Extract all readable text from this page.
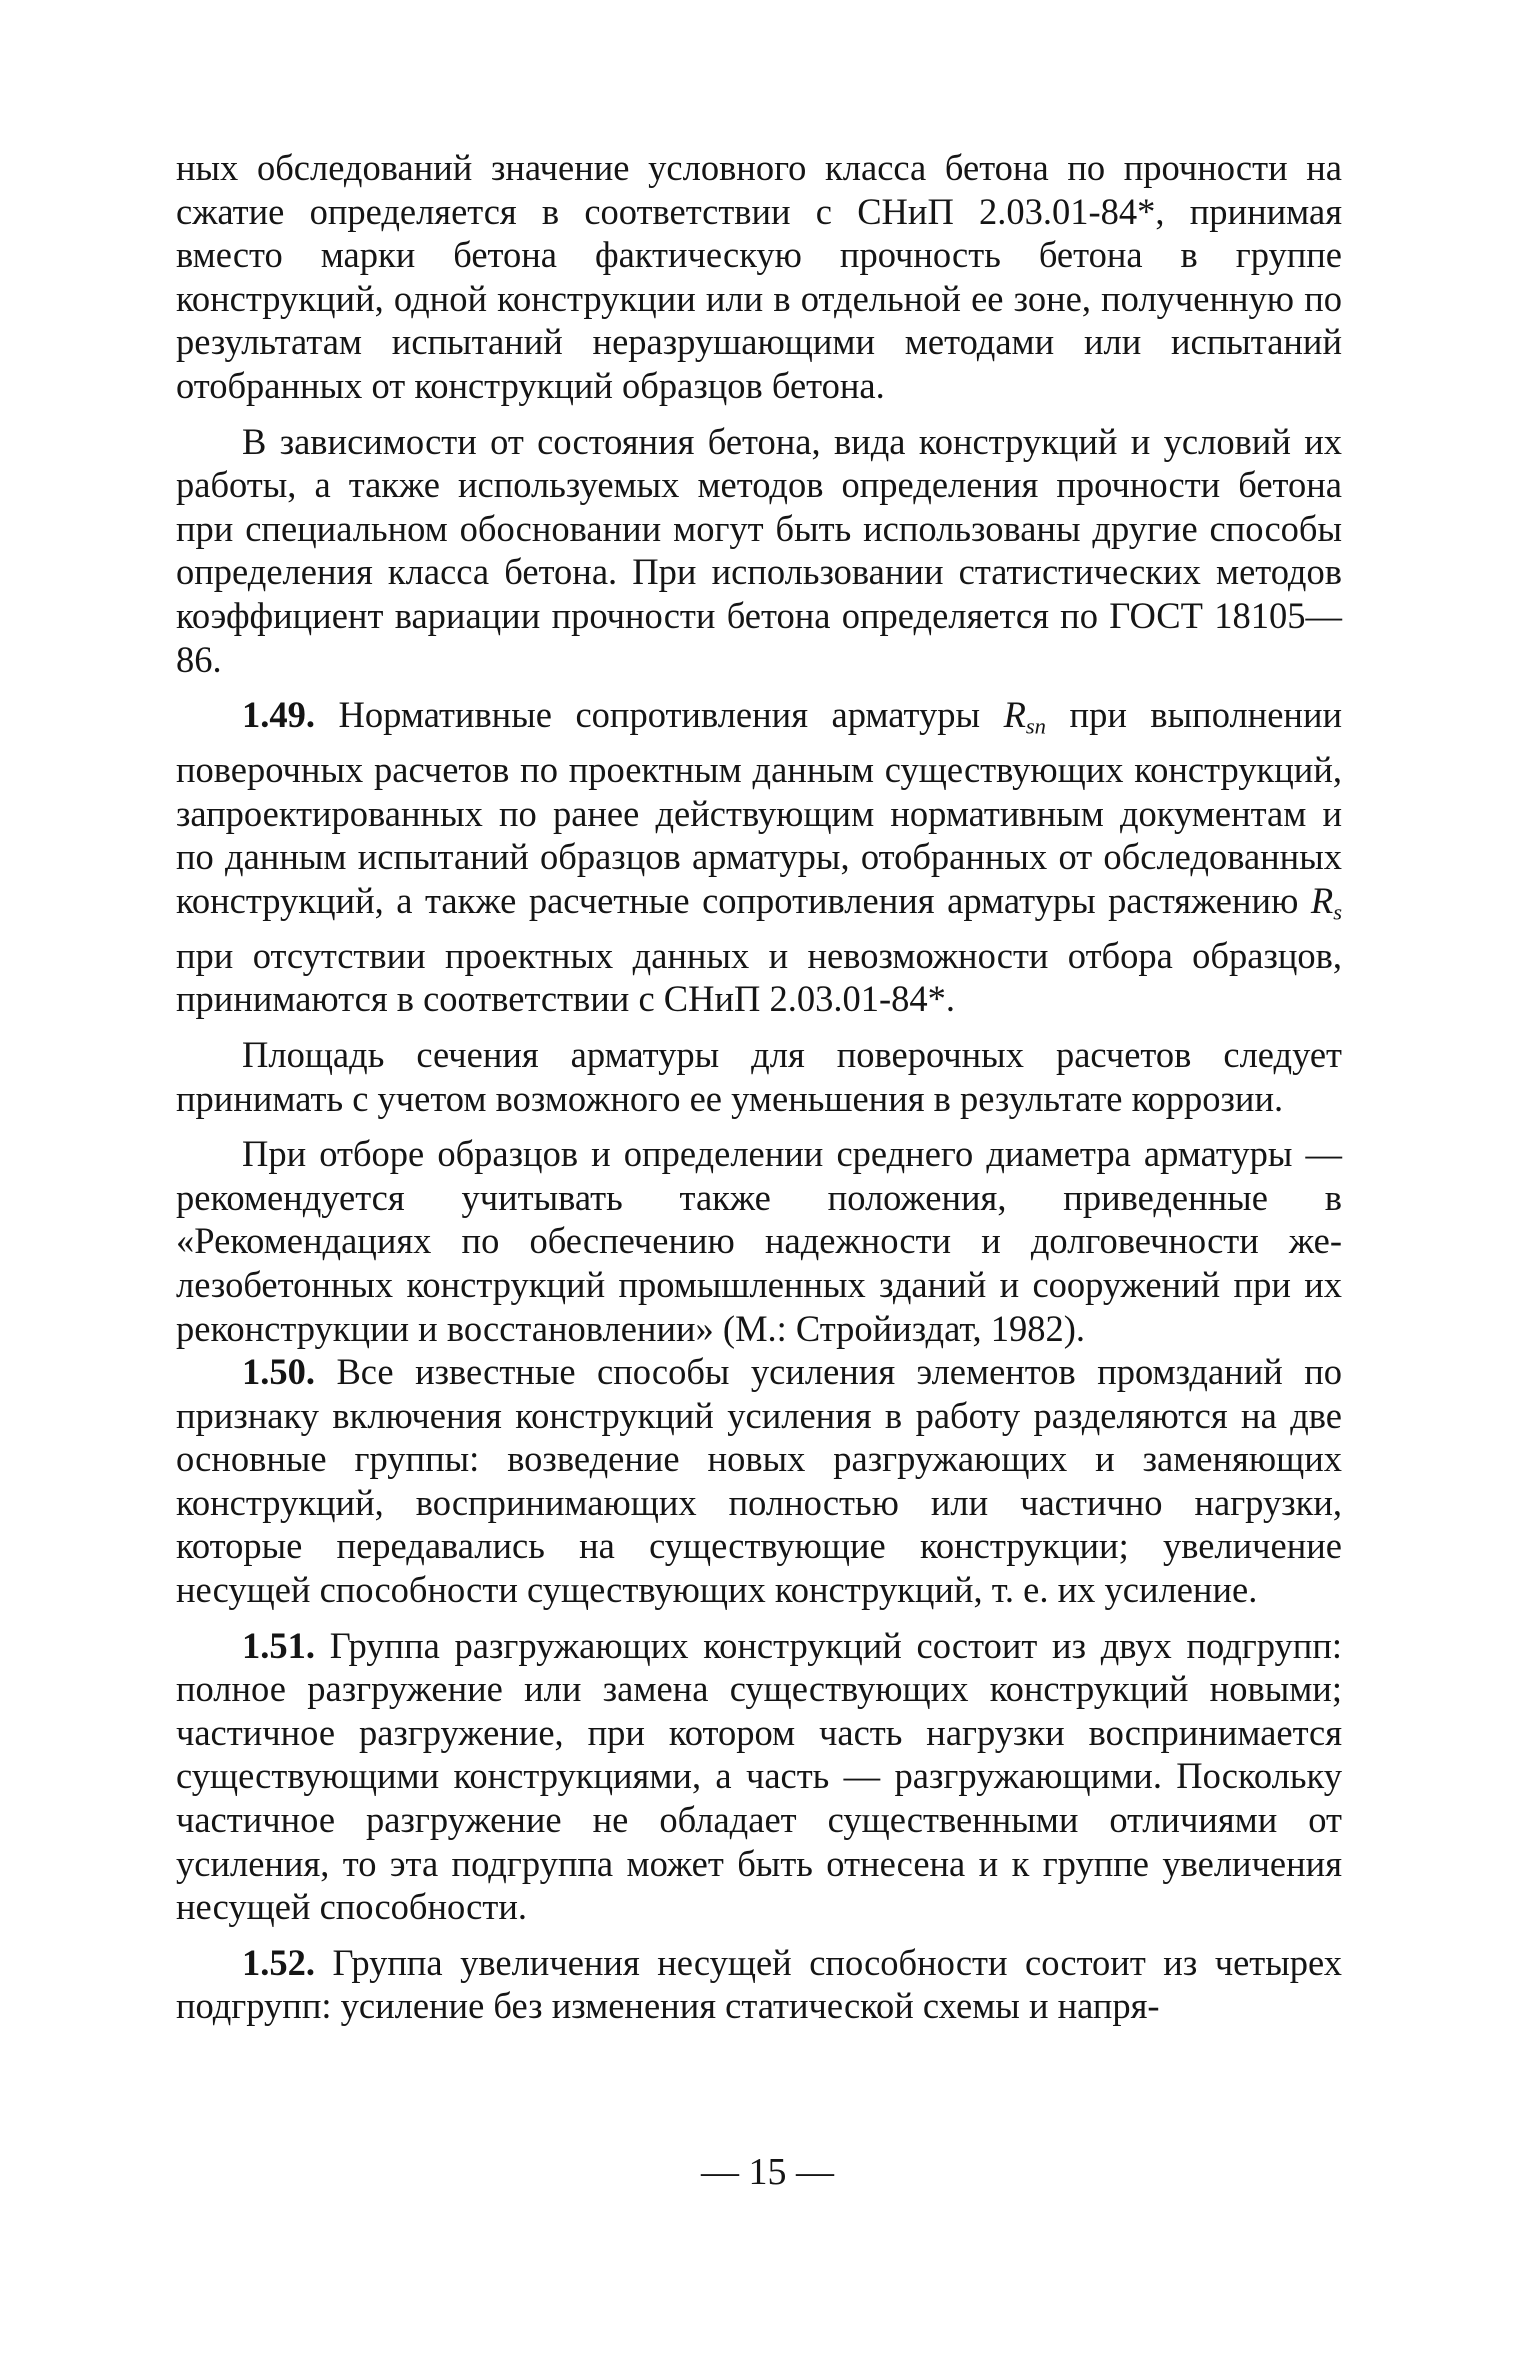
ных обследований значение условного класса бетона по прочности на сжатие определяется в соответствии с СНиП 2.03.01-84*, принимая вместо марки бетона фактическую прочность бетона в группе конструкций, одной конструкции или в отдельной ее зоне, полученную по результатам испытаний неразрушающими методами или испытаний отобранных от конструкций образцов бетона.

В зависимости от состояния бетона, вида конструкций и условий их работы, а также используемых методов определения прочности бетона при специальном обосновании могут быть использованы другие способы определения класса бетона. При использовании статистических методов коэффициент вариации прочности бетона определяется по ГОСТ 18105—86.

1.49. Нормативные сопротивления арматуры $R_{sn}$ при выполнении поверочных расчетов по проектным данным существующих конструкций, запроектированных по ранее действующим нормативным документам и по данным испытаний образцов арматуры, отобранных от обследованных конструкций, а также расчетные сопротивления арматуры растяжению $R_s$ при отсутствии проектных данных и невозможности отбора образцов, принимаются в соответствии с СНиП 2.03.01-84*.

Площадь сечения арматуры для поверочных расчетов следует принимать с учетом возможного ее уменьшения в результате коррозии.

При отборе образцов и определении среднего диаметра арматуры — рекомендуется учитывать также положения, приведенные в «Рекомендациях по обеспечению надежности и долговечности железобетонных конструкций промышленных зданий и сооружений при их реконструкции и восстановлении» (М.: Стройиздат, 1982).

1.50. Все известные способы усиления элементов промзданий по признаку включения конструкций усиления в работу разделяются на две основные группы: возведение новых разгружающих и заменяющих конструкций, воспринимающих полностью или частично нагрузки, которые передавались на существующие конструкции; увеличение несущей способности существующих конструкций, т. е. их усиление.

1.51. Группа разгружающих конструкций состоит из двух подгрупп: полное разгружение или замена существующих конструкций новыми; частичное разгружение, при котором часть нагрузки воспринимается существующими конструкциями, а часть — разгружающими. Поскольку частичное разгружение не обладает существенными отличиями от усиления, то эта подгруппа может быть отнесена и к группе увеличения несущей способности.

1.52. Группа увеличения несущей способности состоит из четырех подгрупп: усиление без изменения статической схемы и напря-

— 15 —
